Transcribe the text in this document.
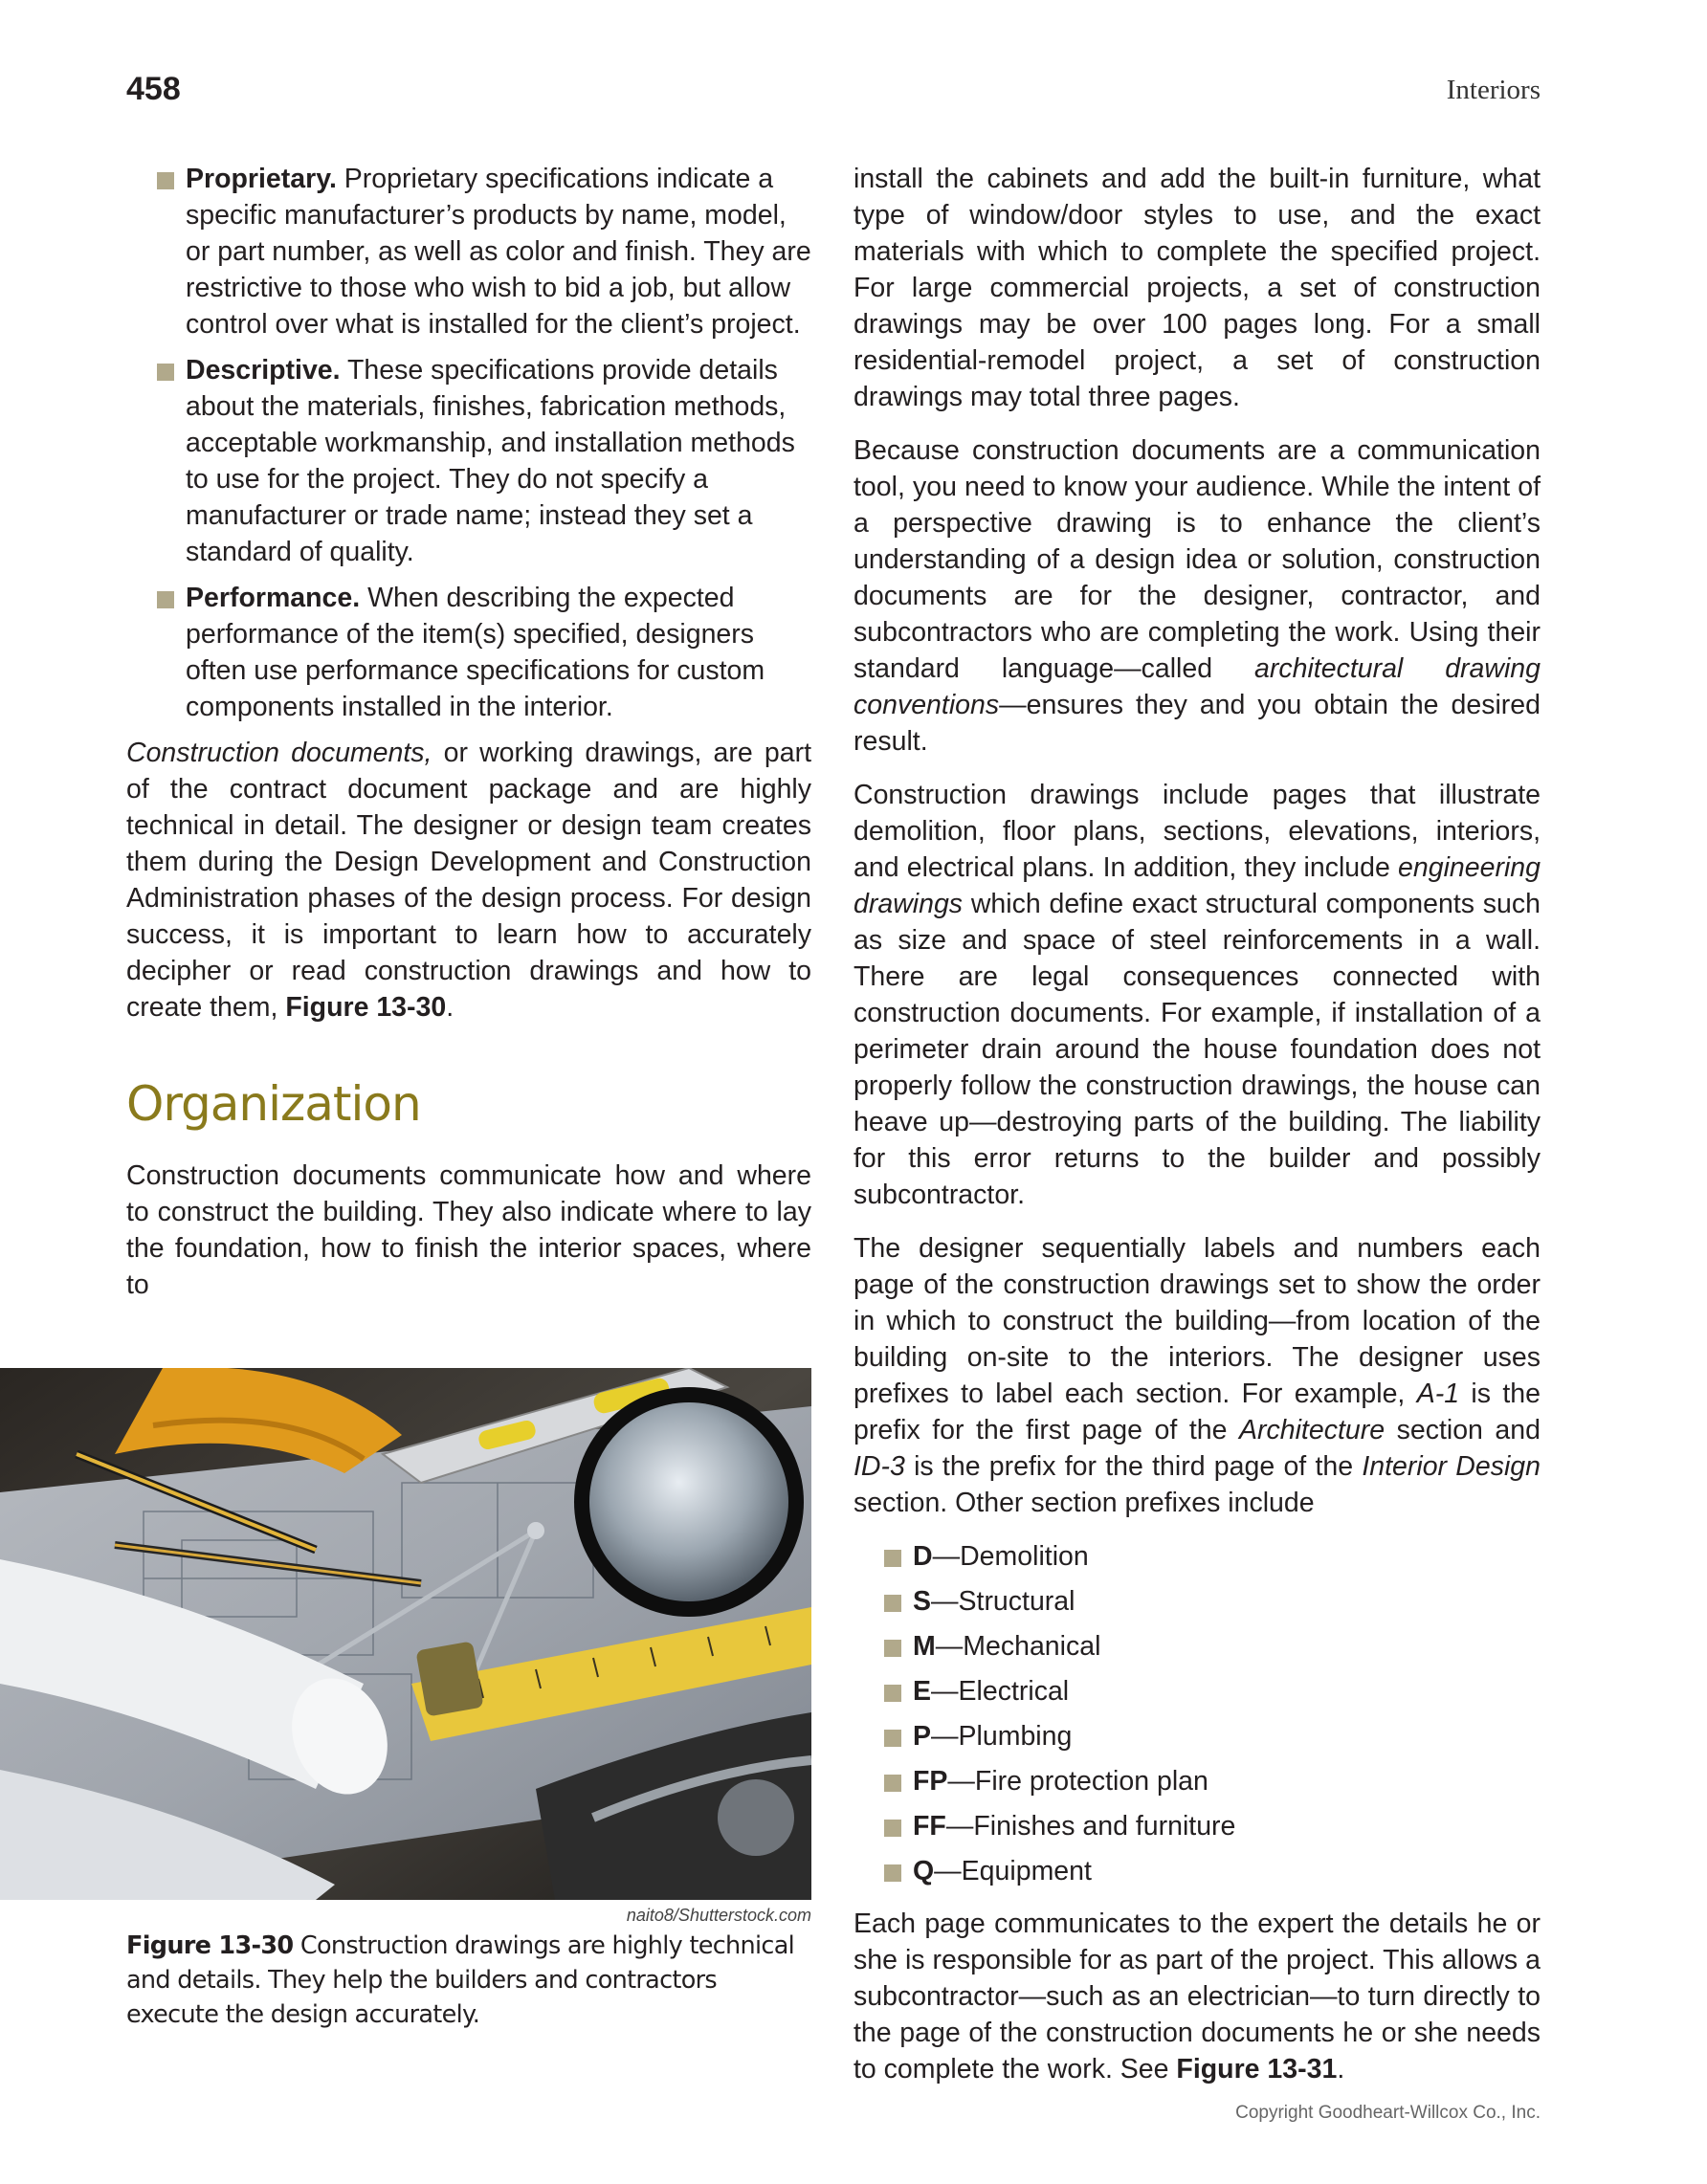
458	Interiors
Proprietary. Proprietary specifications indicate a specific manufacturer’s products by name, model, or part number, as well as color and finish. They are restrictive to those who wish to bid a job, but allow control over what is installed for the client’s project.
Descriptive. These specifications provide details about the materials, finishes, fabrication methods, acceptable workmanship, and installation methods to use for the project. They do not specify a manufacturer or trade name; instead they set a standard of quality.
Performance. When describing the expected performance of the item(s) specified, designers often use performance specifications for custom components installed in the interior.

Construction documents, or working drawings, are part of the contract document package and are highly technical in detail. The designer or design team creates them during the Design Development and Construction Administration phases of the design process. For design success, it is important to learn how to accurately decipher or read construction drawings and how to create them, Figure 13-30.

Organization

Construction documents communicate how and where to construct the building. They also indicate where to lay the foundation, how to finish the interior spaces, where to

naito8/Shutterstock.com
Figure 13-30 Construction drawings are highly technical and details. They help the builders and contractors execute the design accurately.

install the cabinets and add the built-in furniture, what type of window/door styles to use, and the exact materials with which to complete the specified project. For large commercial projects, a set of construction drawings may be over 100 pages long. For a small residential-remodel project, a set of construction drawings may total three pages.

Because construction documents are a communication tool, you need to know your audience. While the intent of a perspective drawing is to enhance the client’s understanding of a design idea or solution, construction documents are for the designer, contractor, and subcontractors who are completing the work. Using their standard language—called architectural drawing conventions—ensures they and you obtain the desired result.

Construction drawings include pages that illustrate demolition, floor plans, sections, elevations, interiors, and electrical plans. In addition, they include engineering drawings which define exact structural components such as size and space of steel reinforcements in a wall. There are legal consequences connected with construction documents. For example, if installation of a perimeter drain around the house foundation does not properly follow the construction drawings, the house can heave up—destroying parts of the building. The liability for this error returns to the builder and possibly subcontractor.

The designer sequentially labels and numbers each page of the construction drawings set to show the order in which to construct the building—from location of the building on-site to the interiors. The designer uses prefixes to label each section. For example, A-1 is the prefix for the first page of the Architecture section and ID-3 is the prefix for the third page of the Interior Design section. Other section prefixes include

D—Demolition
S—Structural
M—Mechanical
E—Electrical
P—Plumbing
FP—Fire protection plan
FF—Finishes and furniture
Q—Equipment

Each page communicates to the expert the details he or she is responsible for as part of the project. This allows a subcontractor—such as an electrician—to turn directly to the page of the construction documents he or she needs to complete the work. See Figure 13-31.

Copyright Goodheart-Willcox Co., Inc.
